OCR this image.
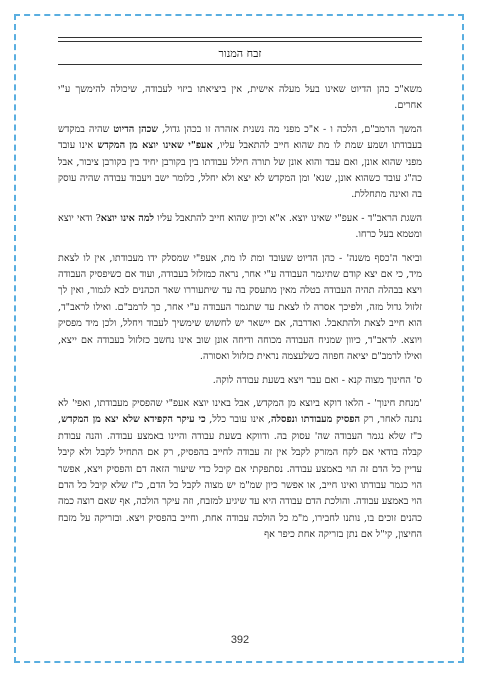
זבח המנור

משא"כ כהן הדיוט שאינו בעל מעלה אישית, אין ביציאתו ביזוי לעבודה, שיכולה להימשך ע"י אחרים.

המשך הרמב"ם, הלכה ו - א"כ מפני מה נשנית אזהרה זו בכהן גדול, שכהן הדיוט שהיה במקדש בעבודתו ושמע שמת לו מת שהוא חייב להתאבל עליו, אעפ"י שאינו יוצא מן המקדש אינו עובד מפני שהוא אונן, ואם עבד והוא אונן של תורה חילל עבודתו בין בקורבן יחיד בין בקורבן ציבור, אבל כה"ג עובד כשהוא אונן, שנא' ומן המקדש לא יצא ולא יחלל, כלומר ישב ויעבוד עבודה שהיה עוסק בה ואינה מתחללת.

השגת הראב"ד - אעפ"י שאינו יוצא. א"א וכיון שהוא חייב להתאבל עליו למה אינו יוצא? ודאי יוצא ומטמא בעל כרחו.

וביאר ה'כסף משנה' - כהן הדיוט שעובד ומת לו מת, אעפ"י שמסלק ידו מעבודתו, אין לו לצאת מיד, כי אם יצא קודם שתיגמר העבודה ע"י אחר, נראה כמזלזל בעבודה, ועוד אם כשיפסיק העבודה ויצא בבהלה תהיה העבודה בטלה מאין מתעסק בה עד שיתעוררו שאר הכהנים לבא לגמור, ואין לך זלזול גדול מזה, ולפיכך אסרה לו לצאת עד שתגמר העבודה ע"י אחר, כך לרמב"ם. ואילו לראב"ד, הוא חייב לצאת ולהתאבל. ואדרבה, אם יישאר יש לחשוש שימשיך לעבוד ויחלל, ולכן מיד מפסיק ויוצא. לראב"ד, כיוון שמניח העבודה מכוחה ודיחה אונן שוב אינו נחשב כזלזול בעבודה אם ייצא, ואילו לרמב"ם יציאה חפוזה כשלעצמה נראית כזלזול ואסורה.

ס' החינוך מצוה קנא - ואם עבר ויצא בשעת עבודה לוקה.

'מנחת חינוך' - הלאו דוקא ביוצא מן המקדש, אבל באינו יוצא אעפ"י שהפסיק מעבודתו, ואפי' לא נתנה לאחר, רק הפסיק מעבודתו ונפסלה, אינו עובר כלל, כי עיקר הקפידא שלא יצא מן המקדש, כ"ז שלא נגמר העבודה שה' עסוק בה. ודווקא בשעת עבודה והיינו באמצע עבודה. והנה עבודת קבלה בודאי אם לקח המזרק לקבל אין זה עבודה לחייב בהפסיק, רק אם התחיל לקבל ולא קיבל עדיין כל הדם זה הוי באמצע עבודה. נסתפקתי אם קיבל כדי שיעור הזאה דם והפסיק ויצא, אפשר הוי כגמר עבודתו ואינו חייב, או אפשר כיון שמ"מ יש מצוה לקבל כל הדם, כ"ז שלא קיבל כל הדם הוי באמצע עבודה. והולכת הדם עבודה היא עד שיגיע למזבח, וזה עיקר הולכה, אף שאם רוצה כמה כהנים זוכים בו, נותנו לחבירו, מ"מ כל הולכה עבודה אחת, וחייב בהפסיק ויצא. ובזריקה על מזבח החיצון, קי"ל אם נתן בזריקה אחת כיפר אף

392
